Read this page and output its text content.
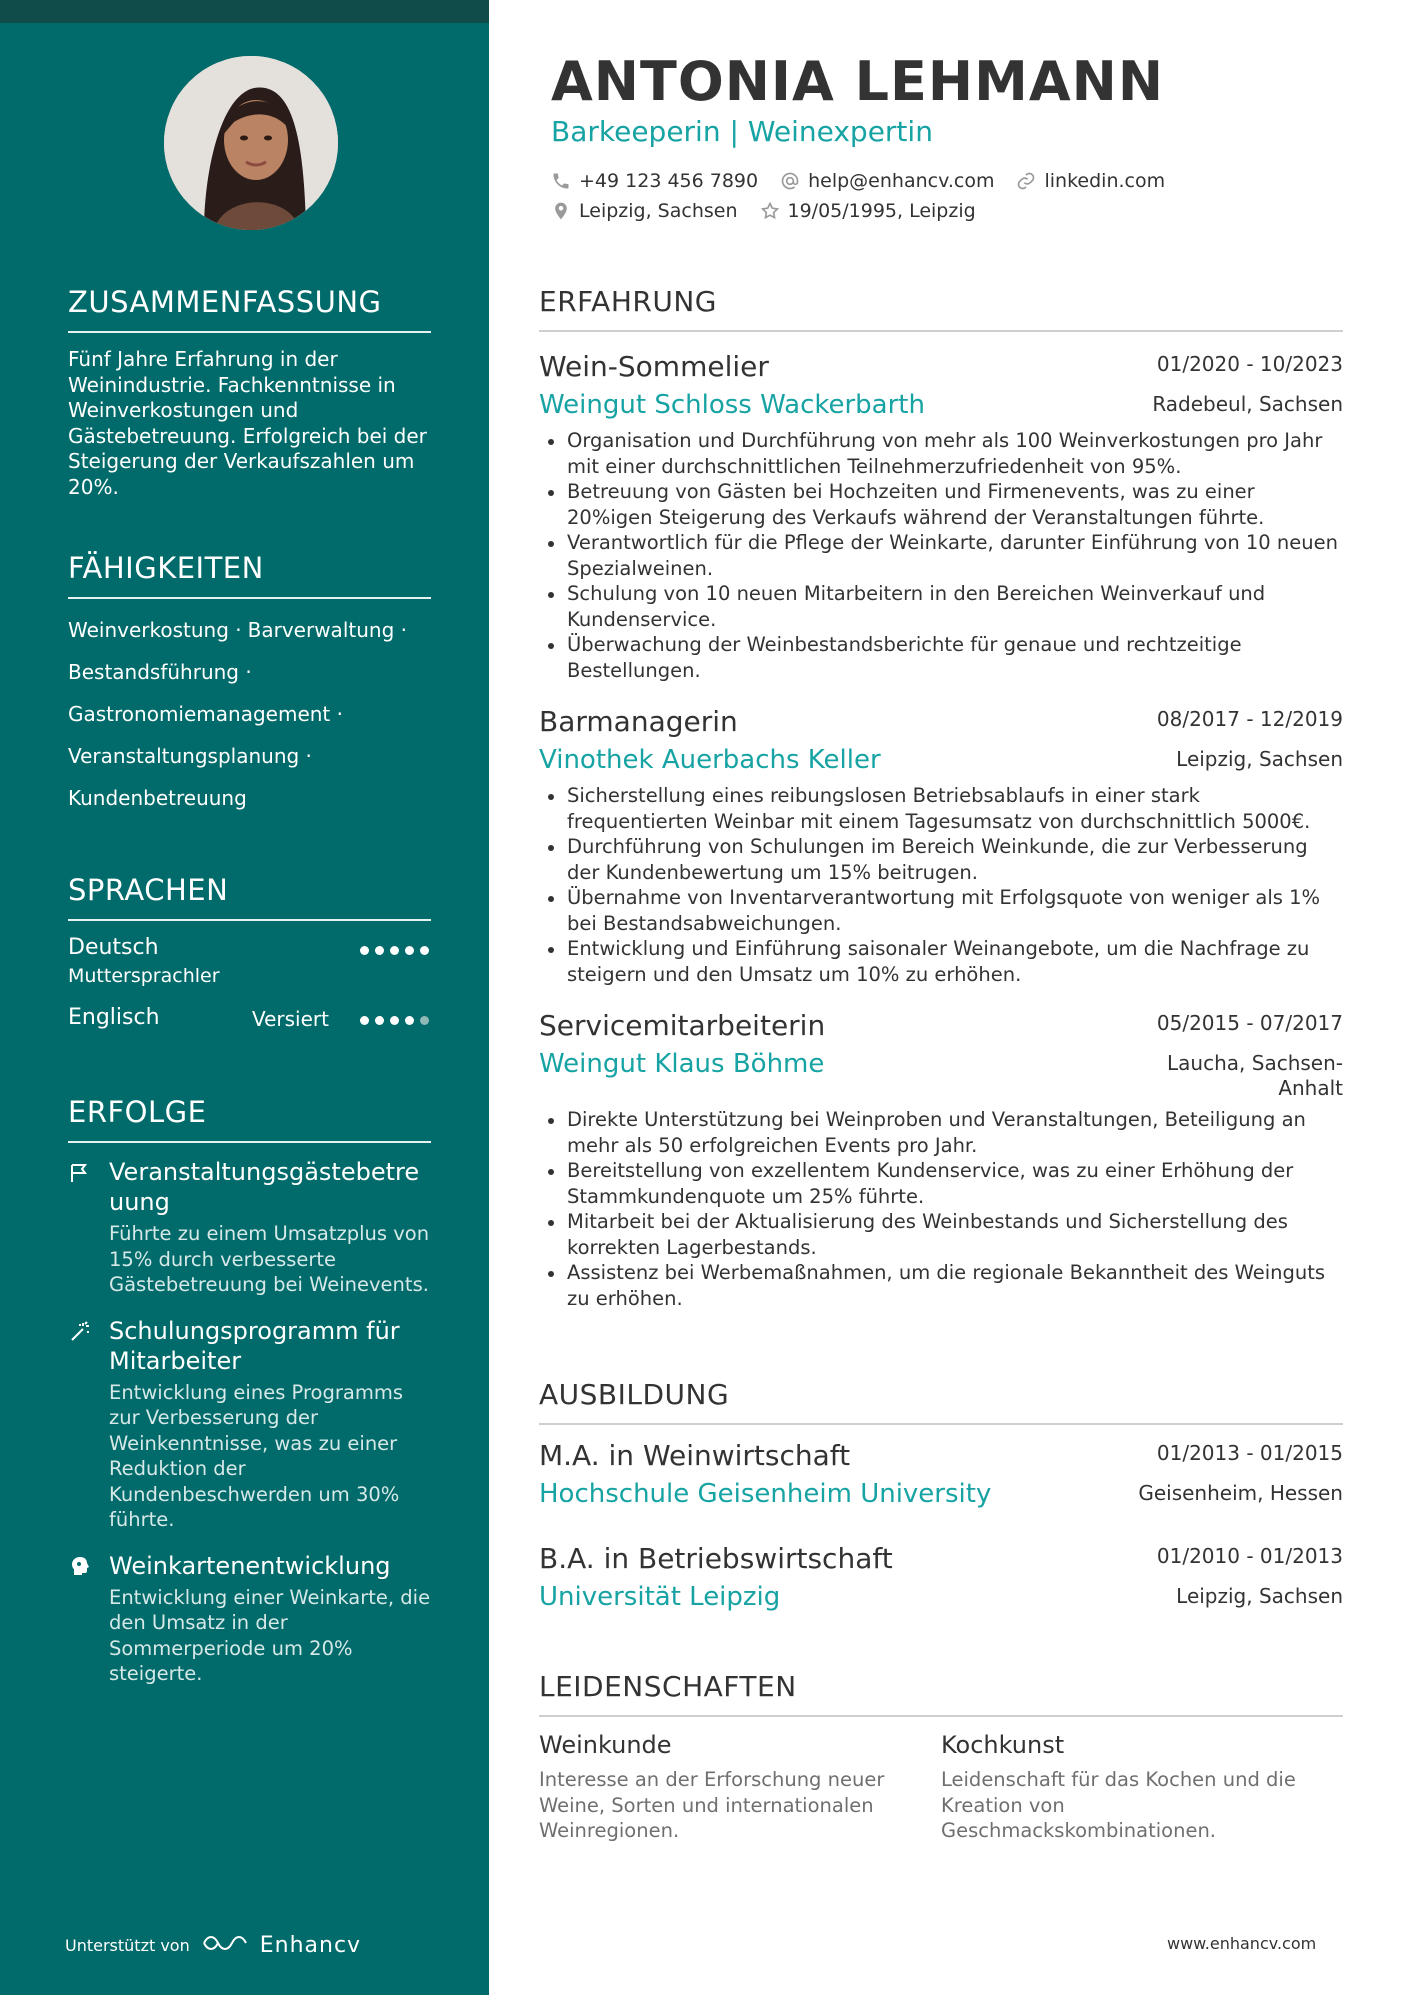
ZUSAMMENFASSUNG

Fünf Jahre Erfahrung in der Weinindustrie. Fachkenntnisse in Weinverkostungen und Gästebetreuung. Erfolgreich bei der Steigerung der Verkaufszahlen um 20%.

FÄHIGKEITEN
Weinverkostung · Barverwaltung ·
Bestandsführung ·
Gastronomiemanagement ·
Veranstaltungsplanung ·
Kundenbetreuung
SPRACHEN
Deutsch
Muttersprachler
Englisch	Versiert
ERFOLGE
Veranstaltungsgästebetre uung
Führte zu einem Umsatzplus von 15% durch verbesserte Gästebetreuung bei Weinevents.
Schulungsprogramm für Mitarbeiter
Entwicklung eines Programms zur Verbesserung der Weinkenntnisse, was zu einer Reduktion der Kundenbeschwerden um 30% führte.
Weinkartenentwicklung
Entwicklung einer Weinkarte, die den Umsatz in der Sommerperiode um 20% steigerte.
Unterstützt von	Enhancv
ANTONIA LEHMANN
Barkeeperin | Weinexpertin
+49 123 456 7890	help@enhancv.com	linkedin.com
Leipzig, Sachsen	19/05/1995, Leipzig
ERFAHRUNG
Wein-Sommelier	01/2020 - 10/2023
Weingut Schloss Wackerbarth	Radebeul, Sachsen
Organisation und Durchführung von mehr als 100 Weinverkostungen pro Jahr mit einer durchschnittlichen Teilnehmerzufriedenheit von 95%.
Betreuung von Gästen bei Hochzeiten und Firmenevents, was zu einer 20%igen Steigerung des Verkaufs während der Veranstaltungen führte.
Verantwortlich für die Pflege der Weinkarte, darunter Einführung von 10 neuen Spezialweinen.
Schulung von 10 neuen Mitarbeitern in den Bereichen Weinverkauf und Kundenservice.
Überwachung der Weinbestandsberichte für genaue und rechtzeitige Bestellungen.
Barmanagerin	08/2017 - 12/2019
Vinothek Auerbachs Keller	Leipzig, Sachsen
Sicherstellung eines reibungslosen Betriebsablaufs in einer stark frequentierten Weinbar mit einem Tagesumsatz von durchschnittlich 5000€.
Durchführung von Schulungen im Bereich Weinkunde, die zur Verbesserung der Kundenbewertung um 15% beitrugen.
Übernahme von Inventarverantwortung mit Erfolgsquote von weniger als 1% bei Bestandsabweichungen.
Entwicklung und Einführung saisonaler Weinangebote, um die Nachfrage zu steigern und den Umsatz um 10% zu erhöhen.
Servicemitarbeiterin	05/2015 - 07/2017
Weingut Klaus Böhme	Laucha, Sachsen-Anhalt
Direkte Unterstützung bei Weinproben und Veranstaltungen, Beteiligung an mehr als 50 erfolgreichen Events pro Jahr.
Bereitstellung von exzellentem Kundenservice, was zu einer Erhöhung der Stammkundenquote um 25% führte.
Mitarbeit bei der Aktualisierung des Weinbestands und Sicherstellung des korrekten Lagerbestands.
Assistenz bei Werbemaßnahmen, um die regionale Bekanntheit des Weinguts zu erhöhen.
AUSBILDUNG
M.A. in Weinwirtschaft	01/2013 - 01/2015
Hochschule Geisenheim University	Geisenheim, Hessen
B.A. in Betriebswirtschaft	01/2010 - 01/2013
Universität Leipzig	Leipzig, Sachsen
LEIDENSCHAFTEN
Weinkunde
Interesse an der Erforschung neuer Weine, Sorten und internationalen Weinregionen.
Kochkunst
Leidenschaft für das Kochen und die Kreation von Geschmackskombinationen.
www.enhancv.com
